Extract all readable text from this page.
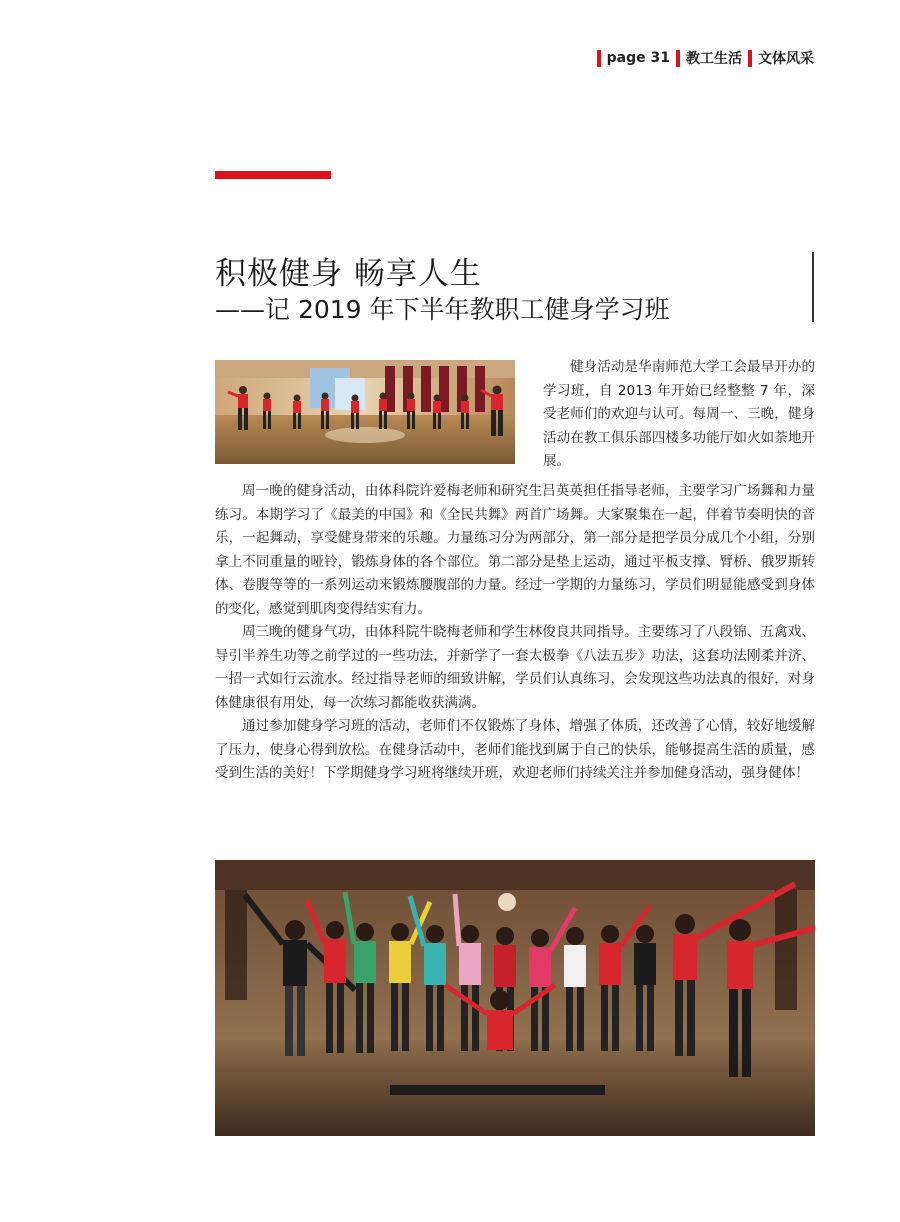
page 31 教工生活 文体风采
积极健身 畅享人生
——记 2019 年下半年教职工健身学习班

健身活动是华南师范大学工会最早开办的学习班，自 2013 年开始已经整整 7 年，深受老师们的欢迎与认可。每周一、三晚，健身活动在教工俱乐部四楼多功能厅如火如荼地开展。

周一晚的健身活动，由体科院许爱梅老师和研究生吕英英担任指导老师，主要学习广场舞和力量练习。本期学习了《最美的中国》和《全民共舞》两首广场舞。大家聚集在一起，伴着节奏明快的音乐，一起舞动，享受健身带来的乐趣。力量练习分为两部分，第一部分是把学员分成几个小组，分别拿上不同重量的哑铃，锻炼身体的各个部位。第二部分是垫上运动，通过平板支撑、臂桥、俄罗斯转体、卷腹等等的一系列运动来锻炼腰腹部的力量。经过一学期的力量练习，学员们明显能感受到身体的变化，感觉到肌肉变得结实有力。

周三晚的健身气功，由体科院牛晓梅老师和学生林俊良共同指导。主要练习了八段锦、五禽戏、导引半养生功等之前学过的一些功法，并新学了一套太极拳《八法五步》功法，这套功法刚柔并济、一招一式如行云流水。经过指导老师的细致讲解，学员们认真练习，会发现这些功法真的很好，对身体健康很有用处，每一次练习都能收获满满。

通过参加健身学习班的活动，老师们不仅锻炼了身体，增强了体质，还改善了心情，较好地缓解了压力，使身心得到放松。在健身活动中，老师们能找到属于自己的快乐，能够提高生活的质量，感受到生活的美好！下学期健身学习班将继续开班，欢迎老师们持续关注并参加健身活动，强身健体！
